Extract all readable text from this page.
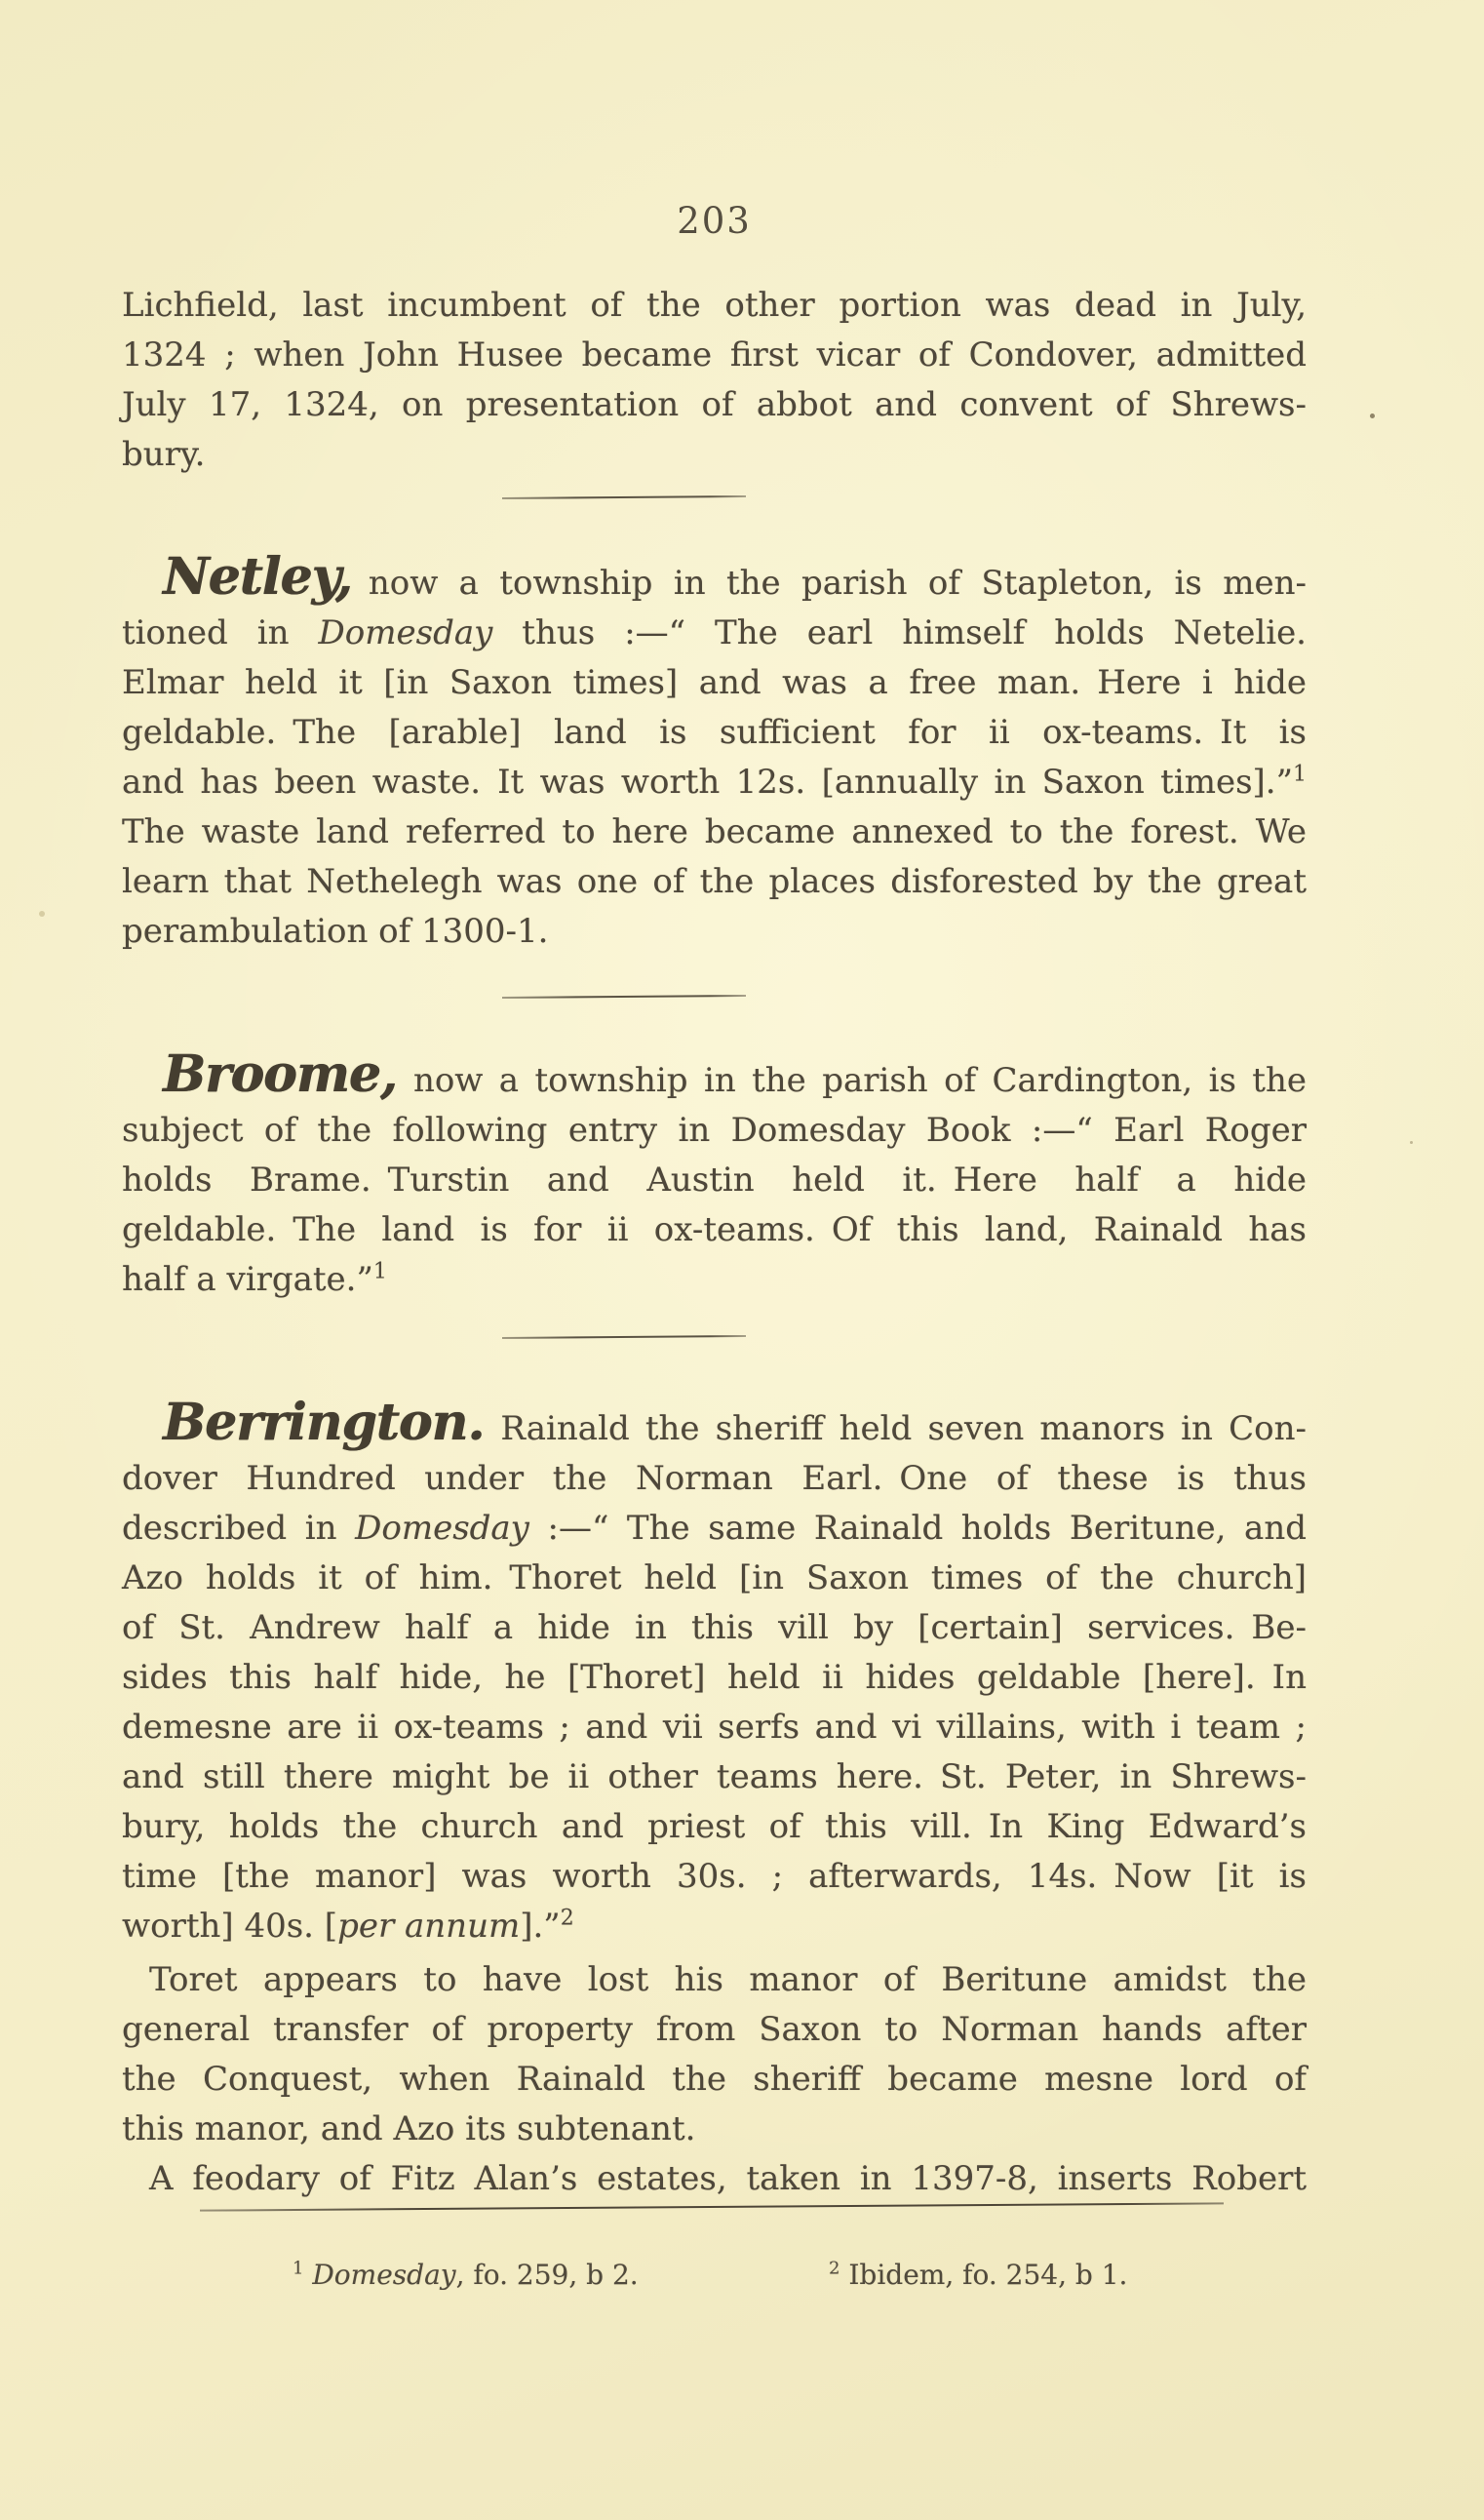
203
Lichfield, last incumbent of the other portion was dead in July,
1324 ; when John Husee became first vicar of Condover, admitted
July 17, 1324, on presentation of abbot and convent of Shrews-
bury.
Netley, now a township in the parish of Stapleton, is men-
tioned in Domesday thus :—“ The earl himself holds Netelie.
Elmar held it [in Saxon times] and was a free man. Here i hide
geldable. The [arable] land is sufficient for ii ox-teams. It is
and has been waste. It was worth 12s. [annually in Saxon times].”$^1$
The waste land referred to here became annexed to the forest. We
learn that Nethelegh was one of the places disforested by the great
perambulation of 1300-1.
Broome, now a township in the parish of Cardington, is the
subject of the following entry in Domesday Book :—“ Earl Roger
holds Brame. Turstin and Austin held it. Here half a hide
geldable. The land is for ii ox-teams. Of this land, Rainald has
half a virgate.”$^1$
Berrington. Rainald the sheriff held seven manors in Con-
dover Hundred under the Norman Earl. One of these is thus
described in Domesday :—“ The same Rainald holds Beritune, and
Azo holds it of him. Thoret held [in Saxon times of the church]
of St. Andrew half a hide in this vill by [certain] services. Be-
sides this half hide, he [Thoret] held ii hides geldable [here]. In
demesne are ii ox-teams ; and vii serfs and vi villains, with i team ;
and still there might be ii other teams here. St. Peter, in Shrews-
bury, holds the church and priest of this vill. In King Edward’s
time [the manor] was worth 30s. ; afterwards, 14s. Now [it is
worth] 40s. [per annum].”$^2$
Toret appears to have lost his manor of Beritune amidst the
general transfer of property from Saxon to Norman hands after
the Conquest, when Rainald the sheriff became mesne lord of
this manor, and Azo its subtenant.
A feodary of Fitz Alan’s estates, taken in 1397-8, inserts Robert
$^1$ Domesday, fo. 259, b 2.	$^2$ Ibidem, fo. 254, b 1.
